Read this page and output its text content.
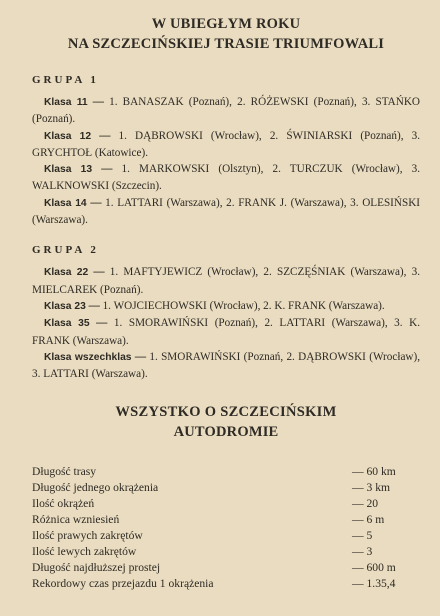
W UBIEGŁYM ROKU
NA SZCZECIŃSKIEJ TRASIE TRIUMFOWALI
GRUPA 1

Klasa 11 — 1. BANASZAK (Poznań), 2. RÓŻEWSKI (Poznań), 3. STAŃKO (Poznań).

Klasa 12 — 1. DĄBROWSKI (Wrocław), 2. ŚWINIARSKI (Poznań), 3. GRYCHTOŁ (Katowice).

Klasa 13 — 1. MARKOWSKI (Olsztyn), 2. TURCZUK (Wrocław), 3. WALKNOWSKI (Szczecin).

Klasa 14 — 1. LATTARI (Warszawa), 2. FRANK J. (Warszawa), 3. OLESIŃSKI (Warszawa).

GRUPA 2

Klasa 22 — 1. MAFTYJEWICZ (Wrocław), 2. SZCZĘŚNIAK (Warszawa), 3. MIELCAREK (Poznań).

Klasa 23 — 1. WOJCIECHOWSKI (Wrocław), 2. K. FRANK (Warszawa).

Klasa 35 — 1. SMORAWIŃSKI (Poznań), 2. LATTARI (Warszawa), 3. K. FRANK (Warszawa).

Klasa wszechklas — 1. SMORAWIŃSKI (Poznań, 2. DĄBROWSKI (Wrocław), 3. LATTARI (Warszawa).

WSZYSTKO O SZCZECIŃSKIM
AUTODROMIE
Długość trasy	— 60 km
Długość jednego okrążenia	— 3 km
Ilość okrążeń	— 20
Różnica wzniesień	— 6 m
Ilość prawych zakrętów	— 5
Ilość lewych zakrętów	— 3
Długość najdłuższej prostej	— 600 m
Rekordowy czas przejazdu 1 okrążenia	— 1.35,4
